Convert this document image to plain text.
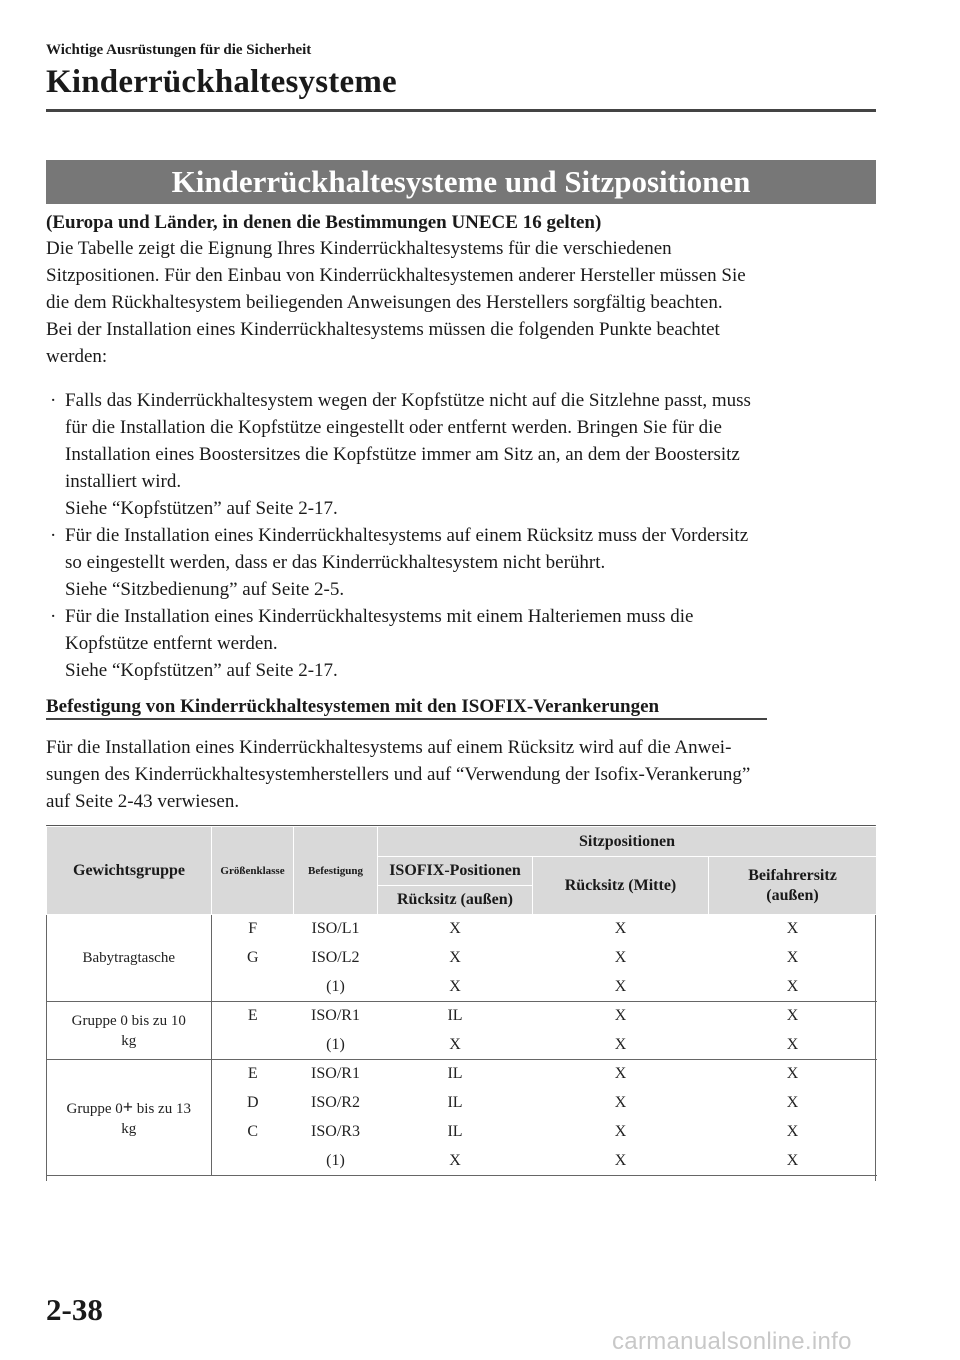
Wichtige Ausrüstungen für die Sicherheit
Kinderrückhaltesysteme
Kinderrückhaltesysteme und Sitzpositionen
(Europa und Länder, in denen die Bestimmungen UNECE 16 gelten)
Die Tabelle zeigt die Eignung Ihres Kinderrückhaltesystems für die verschiedenen
Sitzpositionen. Für den Einbau von Kinderrückhaltesystemen anderer Hersteller müssen Sie
die dem Rückhaltesystem beiliegenden Anweisungen des Herstellers sorgfältig beachten.
Bei der Installation eines Kinderrückhaltesystems müssen die folgenden Punkte beachtet
werden:
· Falls das Kinderrückhaltesystem wegen der Kopfstütze nicht auf die Sitzlehne passt, muss
für die Installation die Kopfstütze eingestellt oder entfernt werden. Bringen Sie für die
Installation eines Boostersitzes die Kopfstütze immer am Sitz an, an dem der Boostersitz
installiert wird.
Siehe “Kopfstützen” auf Seite 2-17.
· Für die Installation eines Kinderrückhaltesystems auf einem Rücksitz muss der Vordersitz
so eingestellt werden, dass er das Kinderrückhaltesystem nicht berührt.
Siehe “Sitzbedienung” auf Seite 2-5.
· Für die Installation eines Kinderrückhaltesystems mit einem Halteriemen muss die
Kopfstütze entfernt werden.
Siehe “Kopfstützen” auf Seite 2-17.
Befestigung von Kinderrückhaltesystemen mit den ISOFIX-Verankerungen
Für die Installation eines Kinderrückhaltesystems auf einem Rücksitz wird auf die Anwei-
sungen des Kinderrückhaltesystemherstellers und auf “Verwendung der Isofix-Verankerung”
auf Seite 2-43 verwiesen.
Gewichtsgruppe	Größenklasse	Befestigung	Sitzpositionen		
			ISOFIX-Positionen	Rücksitz (Mitte)	Beifahrersitz
(außen)
			Rücksitz (außen)		
Babytragtasche	F	ISO/L1	X	X	X
	G	ISO/L2	X	X	X
		(1)	X	X	X
Gruppe 0 bis zu 10
kg	E	ISO/R1	IL	X	X
		(1)	X	X	X
Gruppe 0+ bis zu 13
kg	E	ISO/R1	IL	X	X
	D	ISO/R2	IL	X	X
	C	ISO/R3	IL	X	X
		(1)	X	X	X
2-38
carmanualsonline.info
